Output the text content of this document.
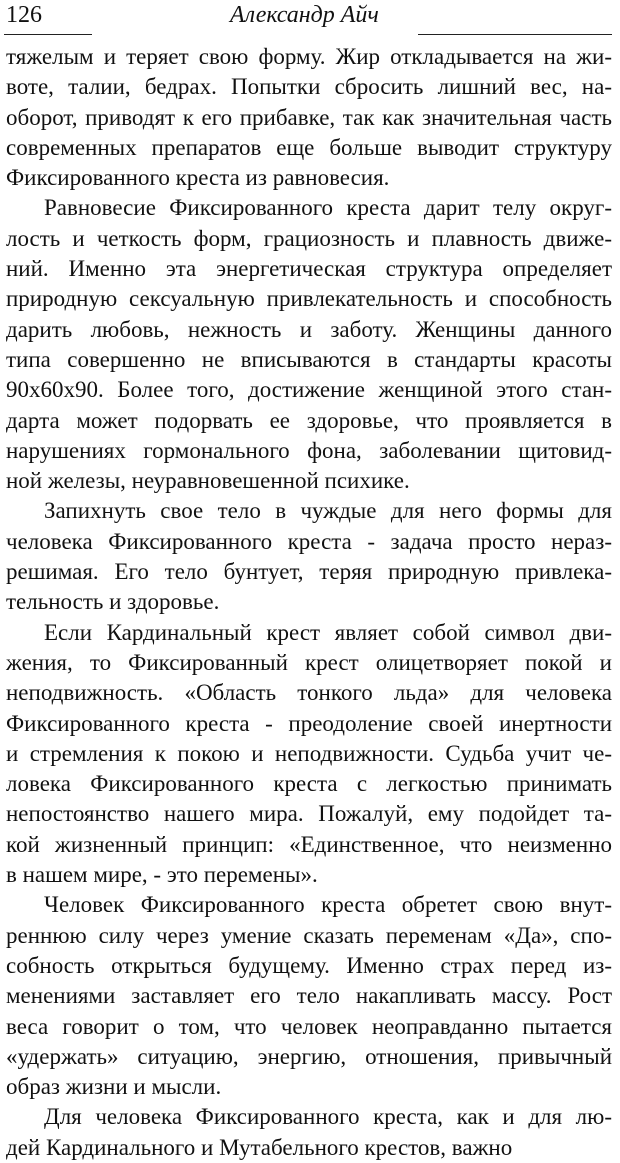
126	Александр Айч
тяжелым и теряет свою форму. Жир откладывается на жи-
воте, талии, бедрах. Попытки сбросить лишний вес, на-
оборот, приводят к его прибавке, так как значительная часть
современных препаратов еще больше выводит структуру
Фиксированного креста из равновесия.
Равновесие Фиксированного креста дарит телу округ-
лость и четкость форм, грациозность и плавность движе-
ний. Именно эта энергетическая структура определяет
природную сексуальную привлекательность и способность
дарить любовь, нежность и заботу. Женщины данного
типа совершенно не вписываются в стандарты красоты
90х60х90. Более того, достижение женщиной этого стан-
дарта может подорвать ее здоровье, что проявляется в
нарушениях гормонального фона, заболевании щитовид-
ной железы, неуравновешенной психике.
Запихнуть свое тело в чуждые для него формы для
человека Фиксированного креста - задача просто нераз-
решимая. Его тело бунтует, теряя природную привлека-
тельность и здоровье.
Если Кардинальный крест являет собой символ дви-
жения, то Фиксированный крест олицетворяет покой и
неподвижность. «Область тонкого льда» для человека
Фиксированного креста - преодоление своей инертности
и стремления к покою и неподвижности. Судьба учит че-
ловека Фиксированного креста с легкостью принимать
непостоянство нашего мира. Пожалуй, ему подойдет та-
кой жизненный принцип: «Единственное, что неизменно
в нашем мире, - это перемены».
Человек Фиксированного креста обретет свою внут-
реннюю силу через умение сказать переменам «Да», спо-
собность открыться будущему. Именно страх перед из-
менениями заставляет его тело накапливать массу. Рост
веса говорит о том, что человек неоправданно пытается
«удержать» ситуацию, энергию, отношения, привычный
образ жизни и мысли.
Для человека Фиксированного креста, как и для лю-
дей Кардинального и Мутабельного крестов, важно
